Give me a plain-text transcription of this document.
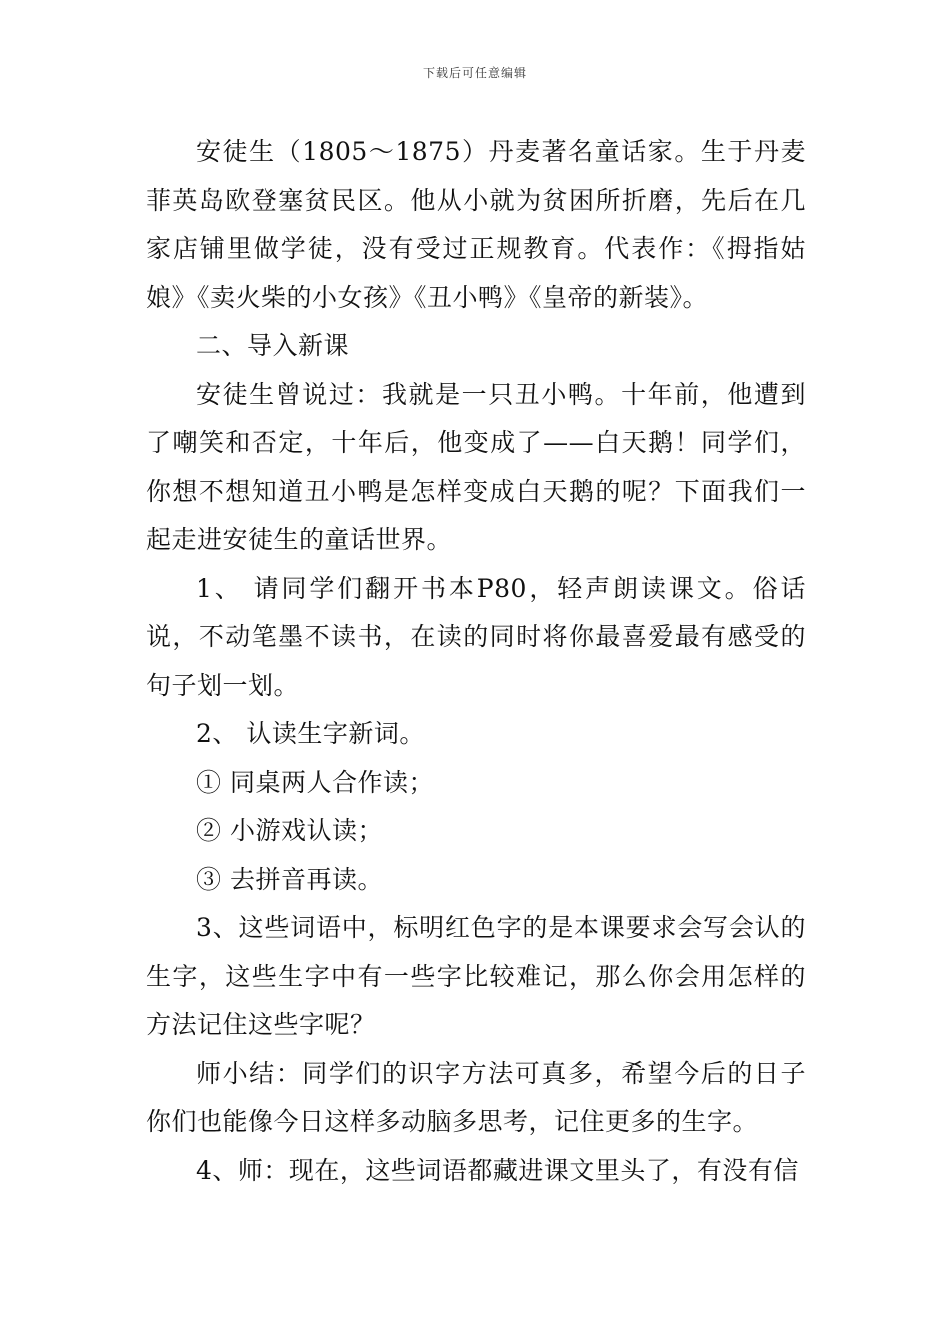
下载后可任意编辑

安徒生（1805～1875）丹麦著名童话家。生于丹麦菲英岛欧登塞贫民区。他从小就为贫困所折磨，先后在几家店铺里做学徒，没有受过正规教育。代表作：《拇指姑娘》《卖火柴的小女孩》《丑小鸭》《皇帝的新装》。

二、导入新课

安徒生曾说过：我就是一只丑小鸭。十年前，他遭到了嘲笑和否定，十年后，他变成了——白天鹅！同学们，你想不想知道丑小鸭是怎样变成白天鹅的呢？下面我们一起走进安徒生的童话世界。

1、 请同学们翻开书本P80，轻声朗读课文。俗话说，不动笔墨不读书，在读的同时将你最喜爱最有感受的句子划一划。

2、 认读生字新词。

① 同桌两人合作读；

② 小游戏认读；

③ 去拼音再读。

3、这些词语中，标明红色字的是本课要求会写会认的生字，这些生字中有一些字比较难记，那么你会用怎样的方法记住这些字呢？

师小结：同学们的识字方法可真多，希望今后的日子你们也能像今日这样多动脑多思考，记住更多的生字。

4、师：现在，这些词语都藏进课文里头了，有没有信
